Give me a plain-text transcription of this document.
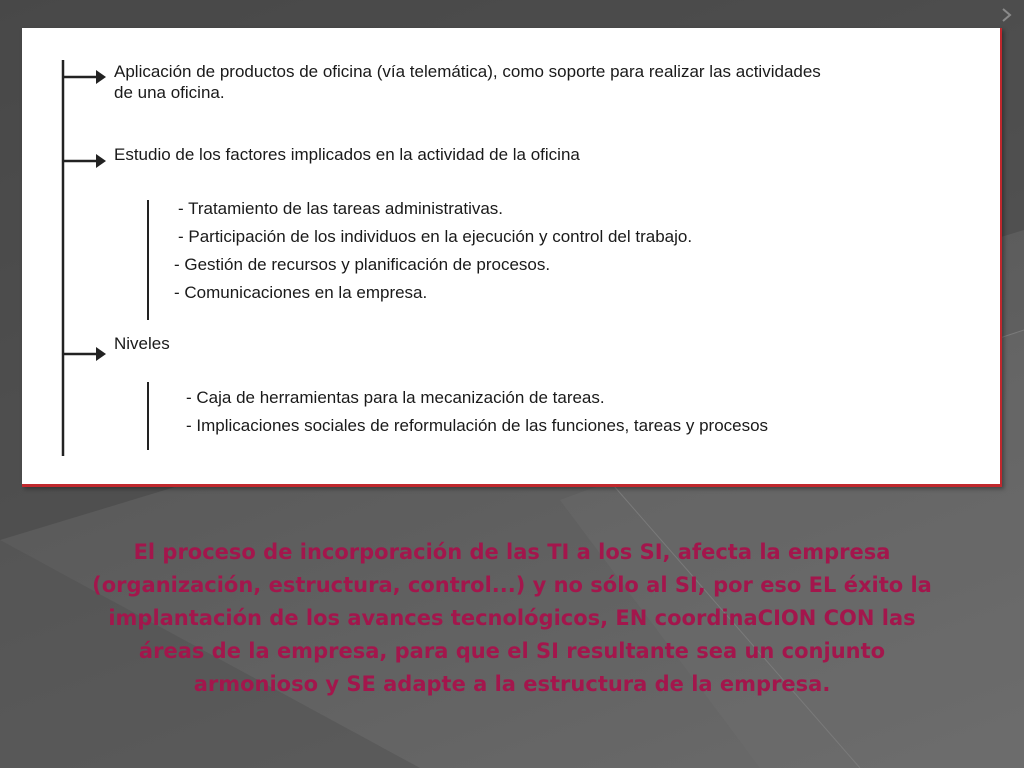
Aplicación de productos de oficina (vía telemática), como soporte para realizar las actividades
de una oficina.
Estudio de los factores implicados en la actividad de la oficina
- Tratamiento de las tareas administrativas.
- Participación de los individuos en la ejecución y control del trabajo.
- Gestión de recursos y planificación de procesos.
- Comunicaciones en la empresa.
Niveles
- Caja de herramientas para la mecanización de tareas.
- Implicaciones sociales de reformulación de las funciones, tareas y procesos
El proceso de incorporación de las TI a los SI, afecta la empresa
(organización, estructura, control...) y no sólo al SI, por eso EL éxito la
implantación de los avances tecnológicos, EN coordinaCION CON las
áreas de la empresa, para que el SI resultante sea un conjunto
armonioso y SE adapte a la estructura de la empresa.
